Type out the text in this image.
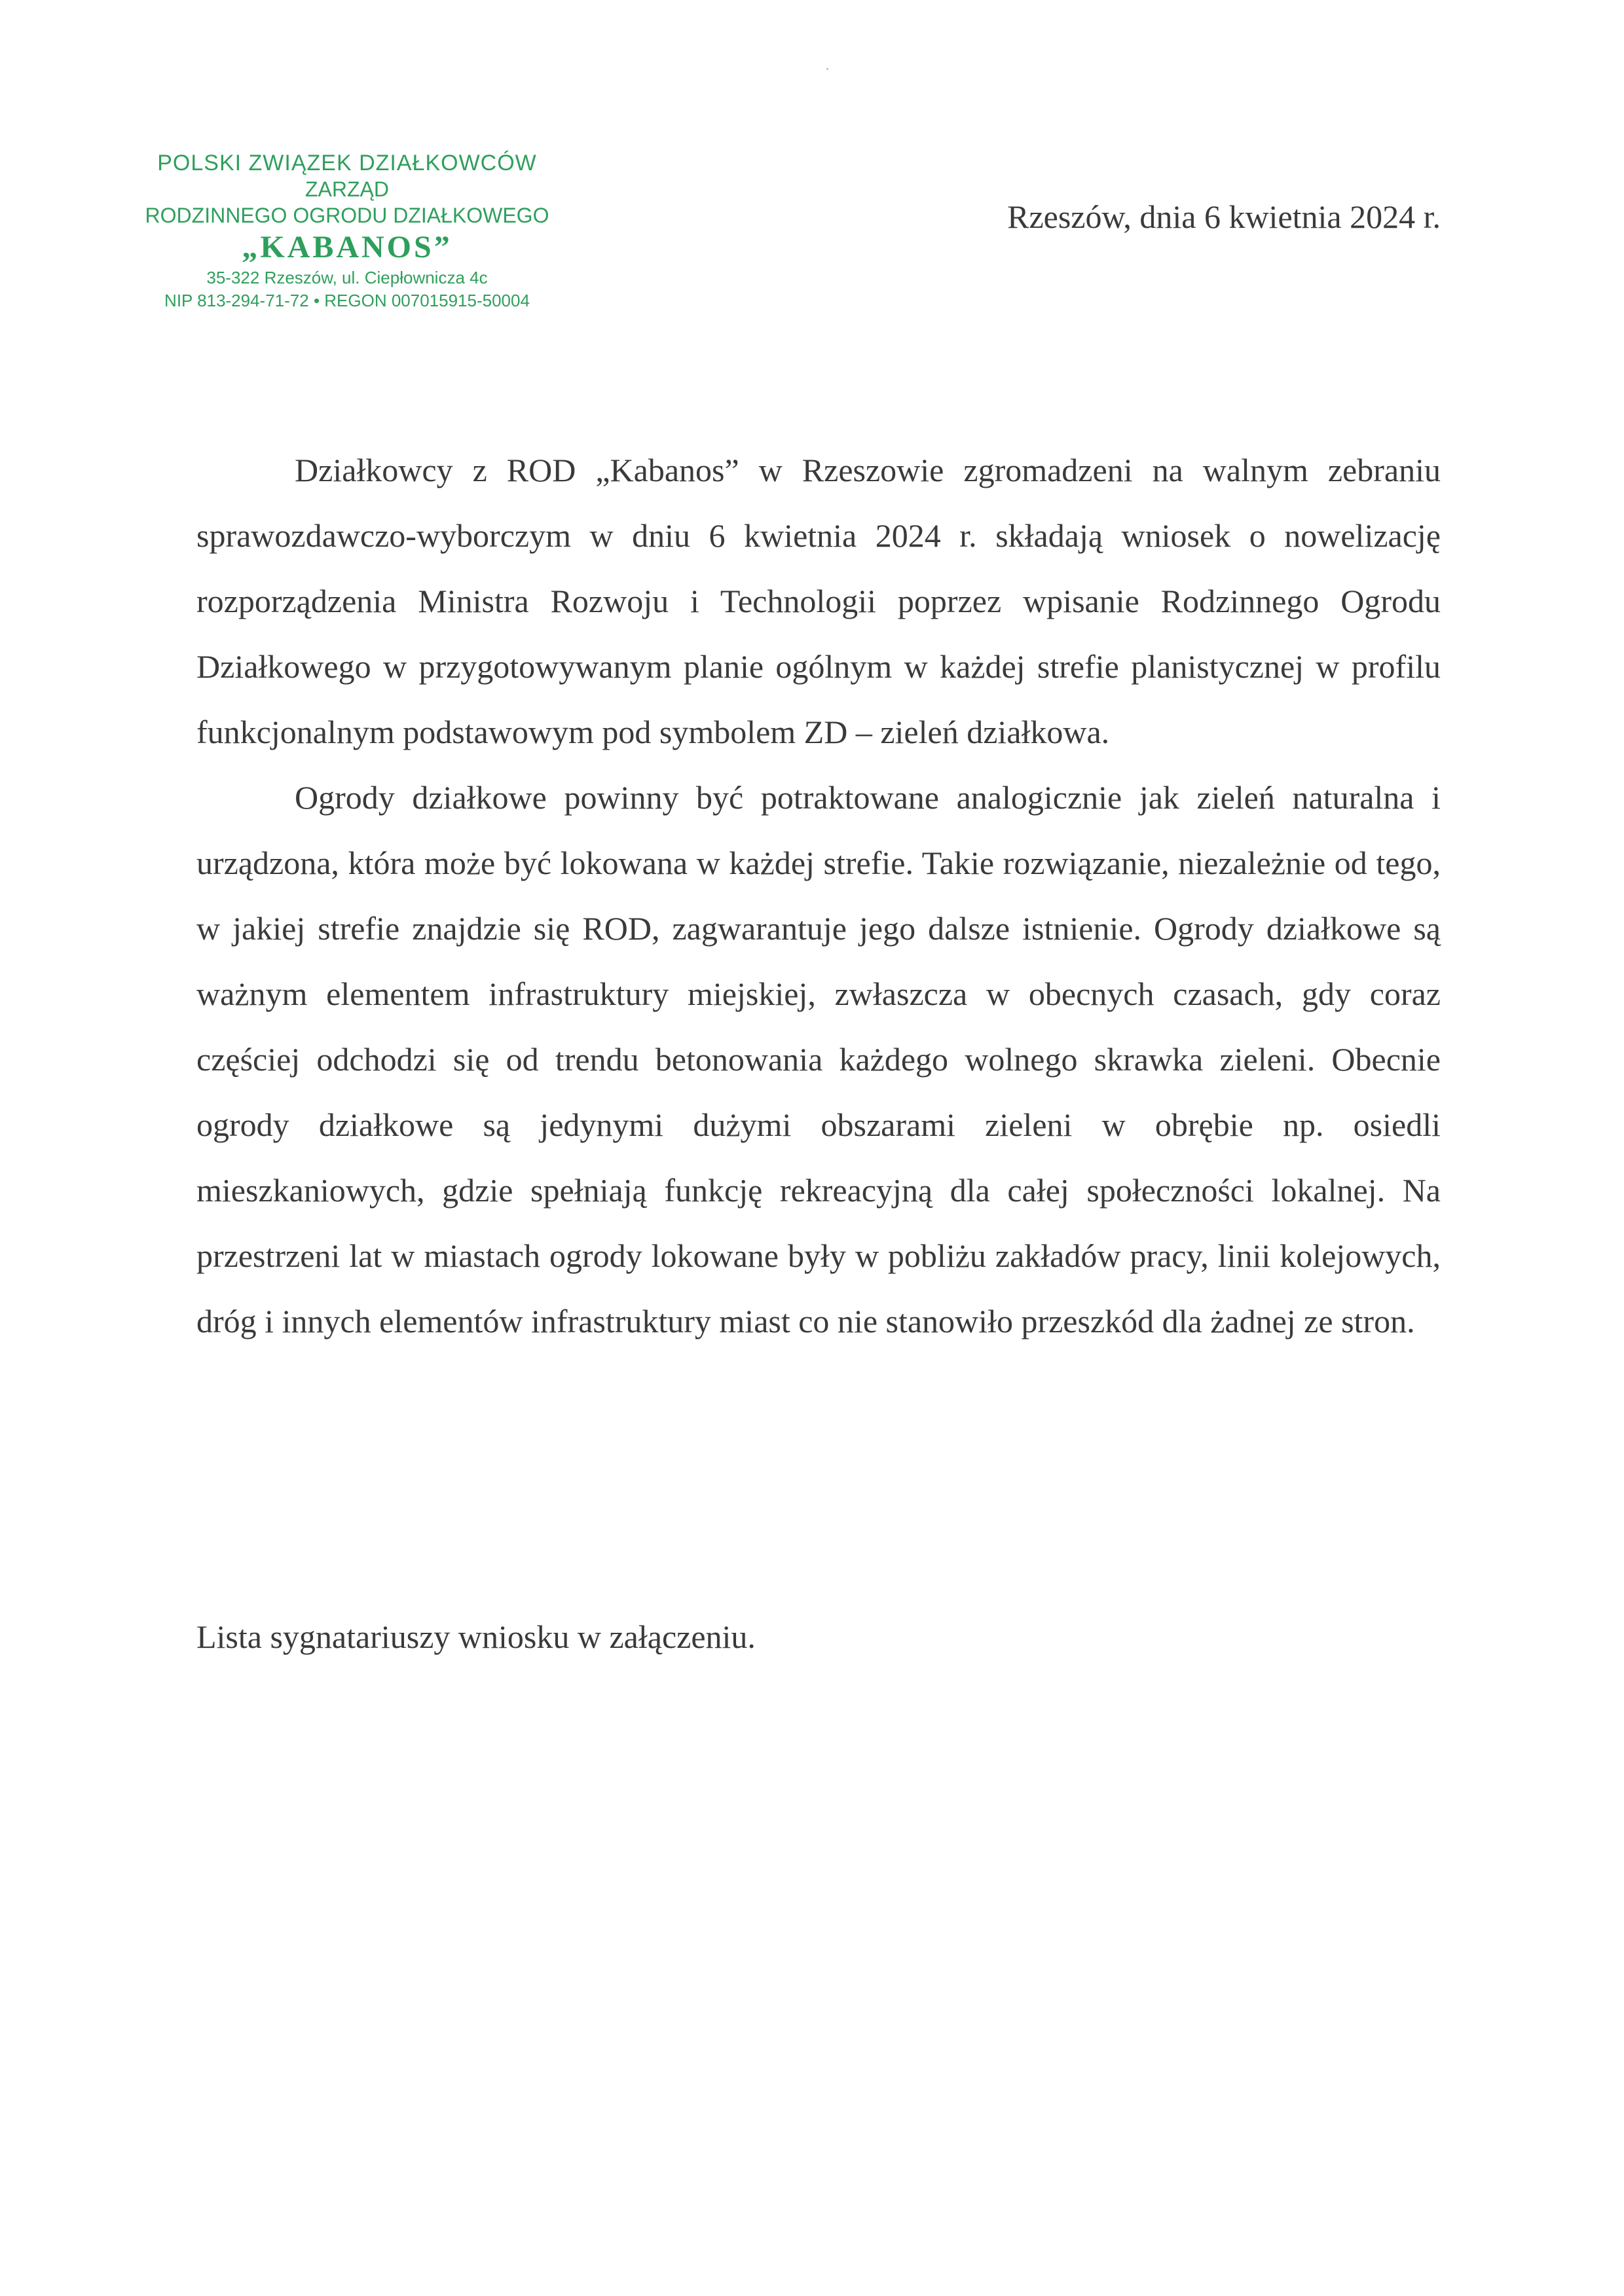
POLSKI ZWIĄZEK DZIAŁKOWCÓW
ZARZĄD
RODZINNEGO OGRODU DZIAŁKOWEGO
„KABANOS”
35-322 Rzeszów, ul. Ciepłownicza 4c
NIP 813-294-71-72 • REGON 007015915-50004
Rzeszów, dnia 6 kwietnia 2024 r.

Działkowcy z ROD „Kabanos” w Rzeszowie zgromadzeni na walnym zebraniu sprawozdawczo-wyborczym w dniu 6 kwietnia 2024 r. składają wniosek o nowelizację rozporządzenia Ministra Rozwoju i Technologii poprzez wpisanie Rodzinnego Ogrodu Działkowego w przygotowywanym planie ogólnym w każdej strefie planistycznej w profilu funkcjonalnym podstawowym pod symbolem ZD – zieleń działkowa.

Ogrody działkowe powinny być potraktowane analogicznie jak zieleń naturalna i urządzona, która może być lokowana w każdej strefie. Takie rozwiązanie, niezależnie od tego, w jakiej strefie znajdzie się ROD, zagwarantuje jego dalsze istnienie. Ogrody działkowe są ważnym elementem infrastruktury miejskiej, zwłaszcza w obecnych czasach, gdy coraz częściej odchodzi się od trendu betonowania każdego wolnego skrawka zieleni. Obecnie ogrody działkowe są jedynymi dużymi obszarami zieleni w obrębie np. osiedli mieszkaniowych, gdzie spełniają funkcję rekreacyjną dla całej społeczności lokalnej. Na przestrzeni lat w miastach ogrody lokowane były w pobliżu zakładów pracy, linii kolejowych, dróg i innych elementów infrastruktury miast co nie stanowiło przeszkód dla żadnej ze stron.

Lista sygnatariuszy wniosku w załączeniu.
